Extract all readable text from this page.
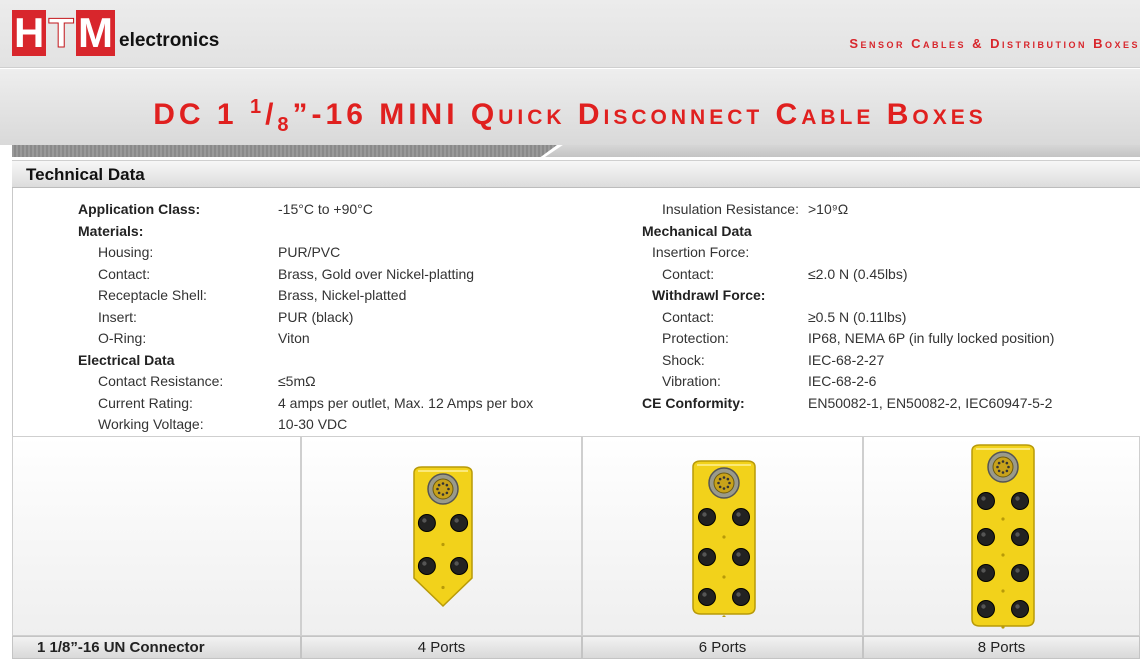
H T M electronics	Sensor Cables & Distribution Boxes
DC 1 $^1/_8”-16$ MINI Quick Disconnect Cable Boxes
Technical Data
Application Class:	-15°C to +90°C
Materials:
Housing:	PUR/PVC
Contact:	Brass, Gold over Nickel-platting
Receptacle Shell:	Brass, Nickel-platted
Insert:	PUR (black)
O-Ring:	Viton
Electrical Data
Contact Resistance:	≤5mΩ
Current Rating:	4 amps per outlet, Max. 12 Amps per box
Working Voltage:	10-30 VDC
Insulation Resistance: >10⁹Ω
Mechanical Data
Insertion Force:
Contact:	≤2.0 N (0.45lbs)
Withdrawl Force:
Contact:	≥0.5 N (0.11lbs)
Protection:	IP68, NEMA 6P (in fully locked position)
Shock:	IEC-68-2-27
Vibration:	IEC-68-2-6
CE Conformity:	EN50082-1, EN50082-2, IEC60947-5-2
1 1/8”-16 UN Connector	4 Ports	6 Ports	8 Ports
